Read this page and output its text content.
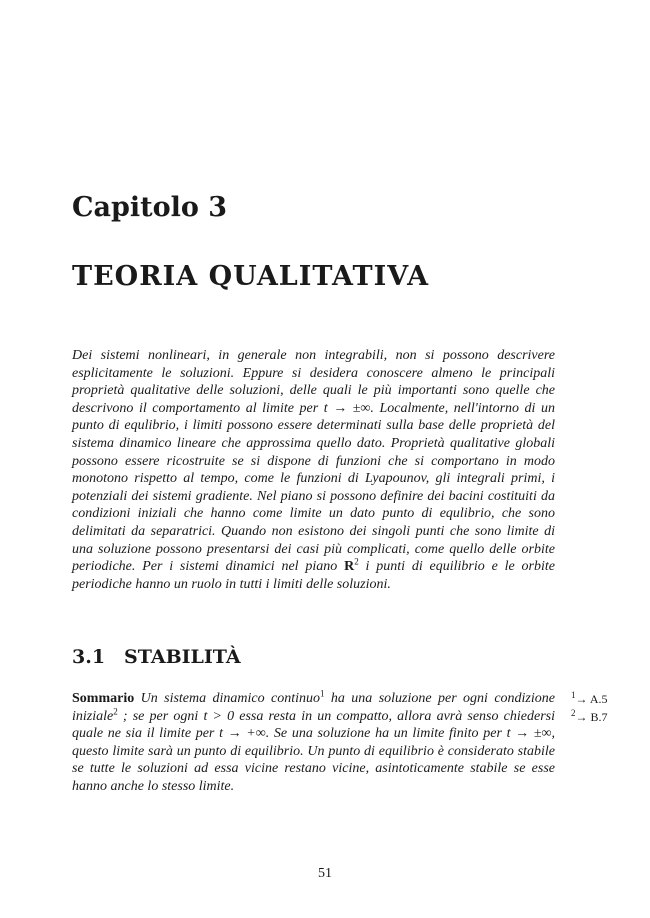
Capitolo 3
TEORIA QUALITATIVA

Dei sistemi nonlineari, in generale non integrabili, non si possono descrivere esplicitamente le soluzioni. Eppure si desidera conoscere almeno le principali proprietà qualitative delle soluzioni, delle quali le più importanti sono quelle che descrivono il comportamento al limite per t → ±∞. Localmente, nell'intorno di un punto di equlibrio, i limiti possono essere determinati sulla base delle proprietà del sistema dinamico lineare che approssima quello dato. Proprietà qualitative globali possono essere ricostruite se si dispone di funzioni che si comportano in modo monotono rispetto al tempo, come le funzioni di Lyapounov, gli integrali primi, i potenziali dei sistemi gradiente. Nel piano si possono definire dei bacini costituiti da condizioni iniziali che hanno come limite un dato punto di equlibrio, che sono delimitati da separatrici. Quando non esistono dei singoli punti che sono limite di una soluzione possono presentarsi dei casi più complicati, come quello delle orbite periodiche. Per i sistemi dinamici nel piano $R^2$ i punti di equilibrio e le orbite periodiche hanno un ruolo in tutti i limiti delle soluzioni.

3.1 STABILITÀ

Sommario Un sistema dinamico continuo$^1$ ha una soluzione per ogni condizione iniziale$^2$ ; se per ogni t > 0 essa resta in un compatto, allora avrà senso chiedersi quale ne sia il limite per t → +∞. Se una soluzione ha un limite finito per t → ±∞, questo limite sarà un punto di equilibrio. Un punto di equilibrio è considerato stabile se tutte le soluzioni ad essa vicine restano vicine, asintoticamente stabile se esse hanno anche lo stesso limite.

$^1$→ A.5
$^2$→ B.7
51
